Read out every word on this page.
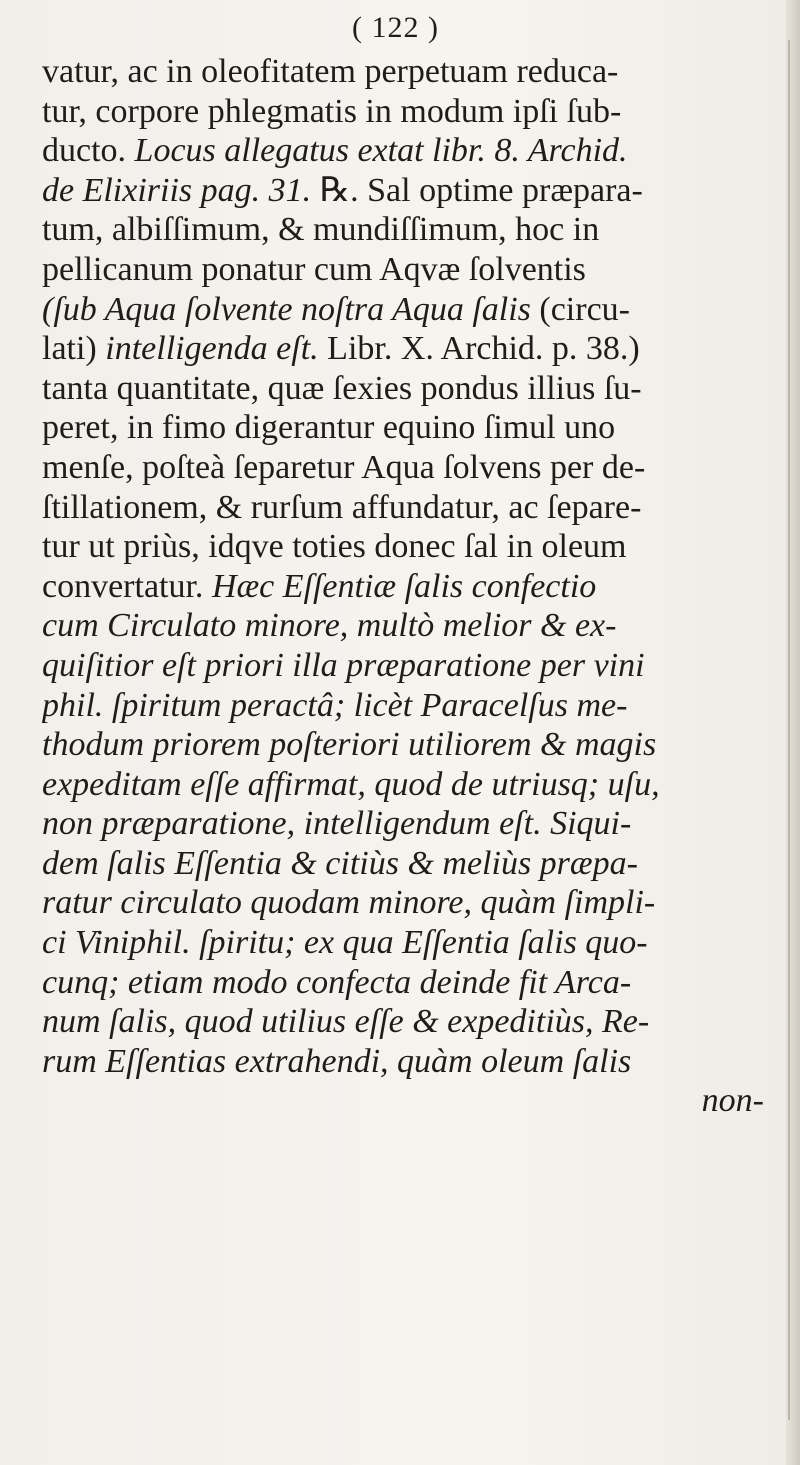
( 122 )
vatur, ac in oleofitatem perpetuam reduca-
tur, corpore phlegmatis in modum ipſi ſub-
ducto. Locus allegatus extat libr. 8. Archid.
de Elixiriis pag. 31. ℞. Sal optime præpara-
tum, albiſſimum, & mundiſſimum, hoc in
pellicanum ponatur cum Aqvæ ſolventis
(ſub Aqua ſolvente noſtra Aqua ſalis (circu-
lati) intelligenda eſt. Libr. X. Archid. p. 38.)
tanta quantitate, quæ ſexies pondus illius ſu-
peret, in fimo digerantur equino ſimul uno
menſe, poſteà ſeparetur Aqua ſolvens per de-
ſtillationem, & rurſum affundatur, ac ſepare-
tur ut priùs, idqve toties donec ſal in oleum
convertatur. Hæc Eſſentiæ ſalis confectio
cum Circulato minore, multò melior & ex-
quiſitior eſt priori illa præparatione per vini
phil. ſpiritum peractâ; licèt Paracelſus me-
thodum priorem poſteriori utiliorem & magis
expeditam eſſe affirmat, quod de utriusq; uſu,
non præparatione, intelligendum eſt. Siqui-
dem ſalis Eſſentia & citiùs & meliùs præpa-
ratur circulato quodam minore, quàm ſimpli-
ci Viniphil. ſpiritu; ex qua Eſſentia ſalis quo-
cunq; etiam modo confecta deinde fit Arca-
num ſalis, quod utilius eſſe & expeditiùs, Re-
rum Eſſentias extrahendi, quàm oleum ſalis
non-
